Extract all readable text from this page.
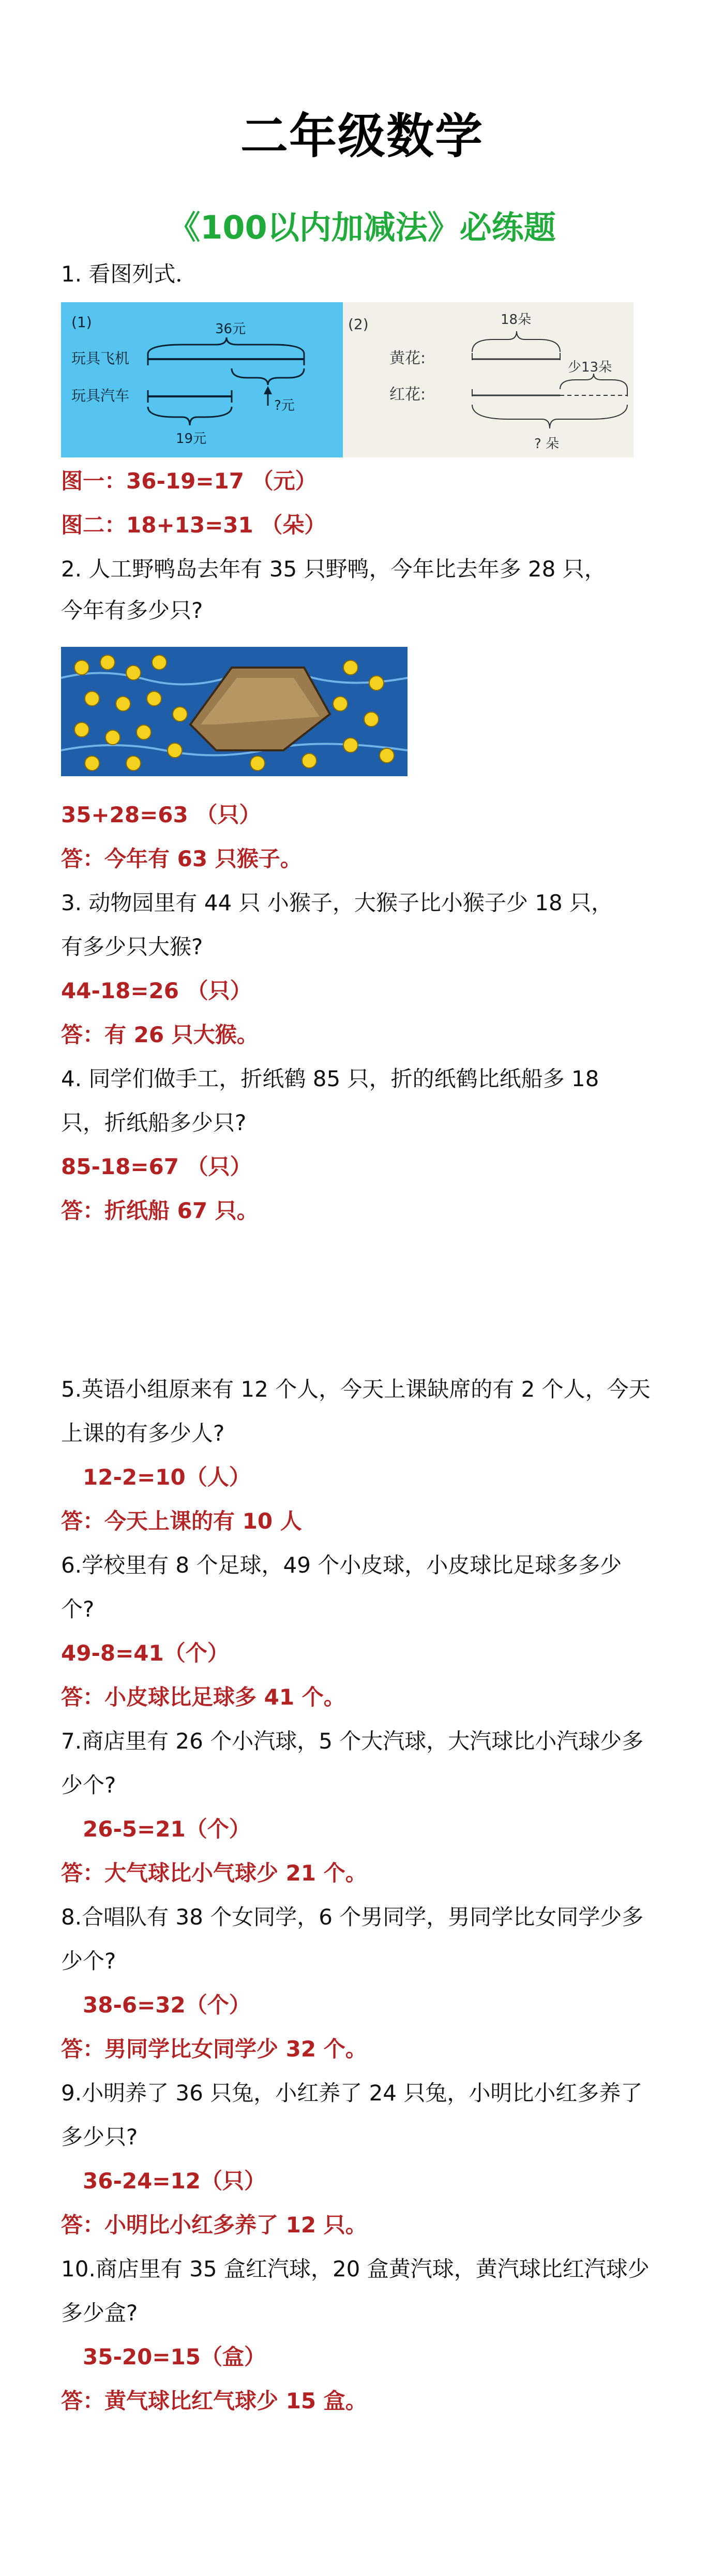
二年级数学
《100以内加减法》必练题
1. 看图列式．
(1)
玩具飞机
玩具汽车
36元
?元
19元
(2)
黄花:
红花:
18朵
少13朵
? 朵
图一：36-19=17 （元）
图二：18+13=31 （朵）
2. 人工野鸭岛去年有 35 只野鸭，今年比去年多 28 只，
今年有多少只?
35+28=63 （只）
答：今年有 63 只猴子。
3. 动物园里有 44 只 小猴子，大猴子比小猴子少 18 只，
有多少只大猴?
44-18=26 （只）
答：有 26 只大猴。
4. 同学们做手工，折纸鹤 85 只，折的纸鹤比纸船多 18
只，折纸船多少只?
85-18=67 （只）
答：折纸船 67 只。
5.英语小组原来有 12 个人，今天上课缺席的有 2 个人，今天
上课的有多少人?
12-2=10（人）
答：今天上课的有 10 人
6.学校里有 8 个足球，49 个小皮球，小皮球比足球多多少
个?
49-8=41（个）
答：小皮球比足球多 41 个。
7.商店里有 26 个小汽球，5 个大汽球，大汽球比小汽球少多
少个?
26-5=21（个）
答：大气球比小气球少 21 个。
8.合唱队有 38 个女同学，6 个男同学，男同学比女同学少多
少个?
38-6=32（个）
答：男同学比女同学少 32 个。
9.小明养了 36 只兔，小红养了 24 只兔，小明比小红多养了
多少只?
36-24=12（只）
答：小明比小红多养了 12 只。
10.商店里有 35 盒红汽球，20 盒黄汽球，黄汽球比红汽球少
多少盒?
35-20=15（盒）
答：黄气球比红气球少 15 盒。
